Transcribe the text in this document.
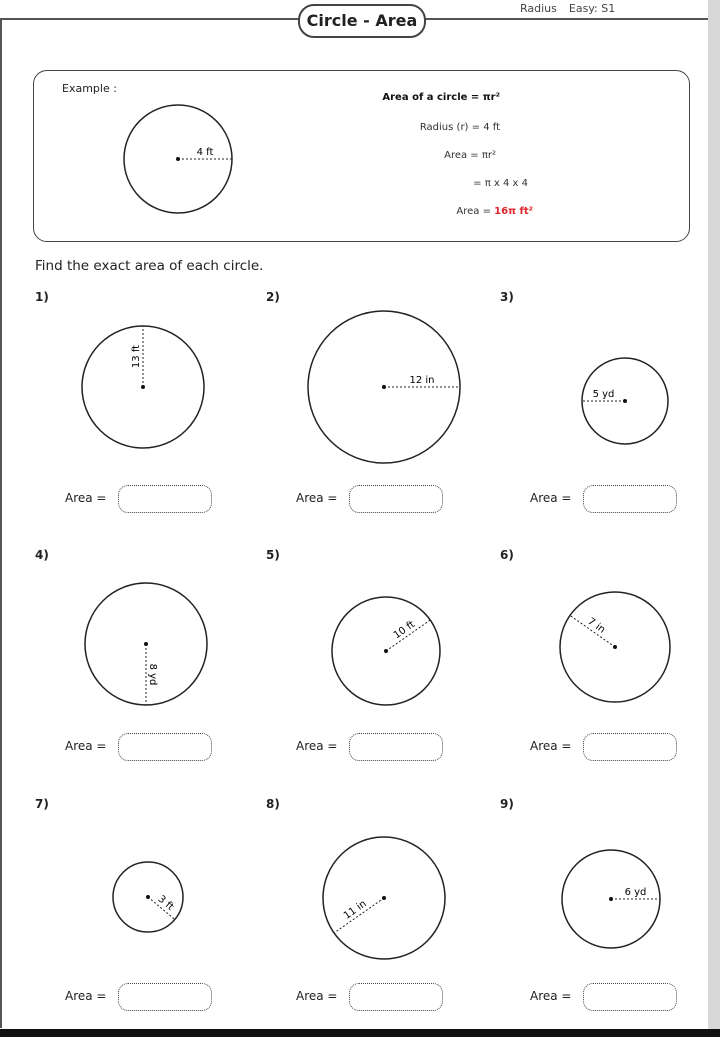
Circle - Area
Radius Easy: S1
Example :
Area of a circle = πr²
Radius (r) = 4 ft
Area = πr²
= π x 4 x 4
Area = 16π ft²
Find the exact area of each circle.
4 ft
13 ft
12 in
5 yd
8 yd
10 ft	7 in
3 ft	11 in
6 yd
1)
Area =
2)
Area =
3)
Area =
4)
Area =
5)
Area =
6)
Area =
7)
Area =
8)
Area =
9)
Area =
